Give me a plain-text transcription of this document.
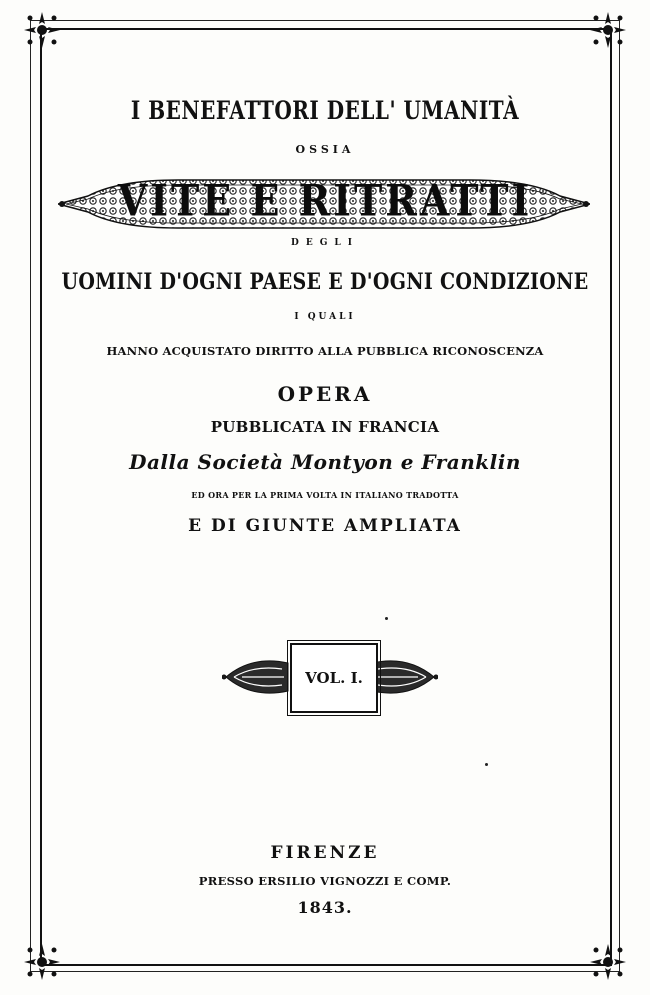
I BENEFATTORI DELL' UMANITÀ
OSSIA
VITE E RITRATTI
DEGLI
UOMINI D'OGNI PAESE E D'OGNI CONDIZIONE
I QUALI
HANNO ACQUISTATO DIRITTO ALLA PUBBLICA RICONOSCENZA
OPERA
PUBBLICATA IN FRANCIA
Dalla Società Montyon e Franklin
ED ORA PER LA PRIMA VOLTA IN ITALIANO TRADOTTA
E DI GIUNTE AMPLIATA
VOL. I.
FIRENZE
PRESSO ERSILIO VIGNOZZI E COMP.
1843.
